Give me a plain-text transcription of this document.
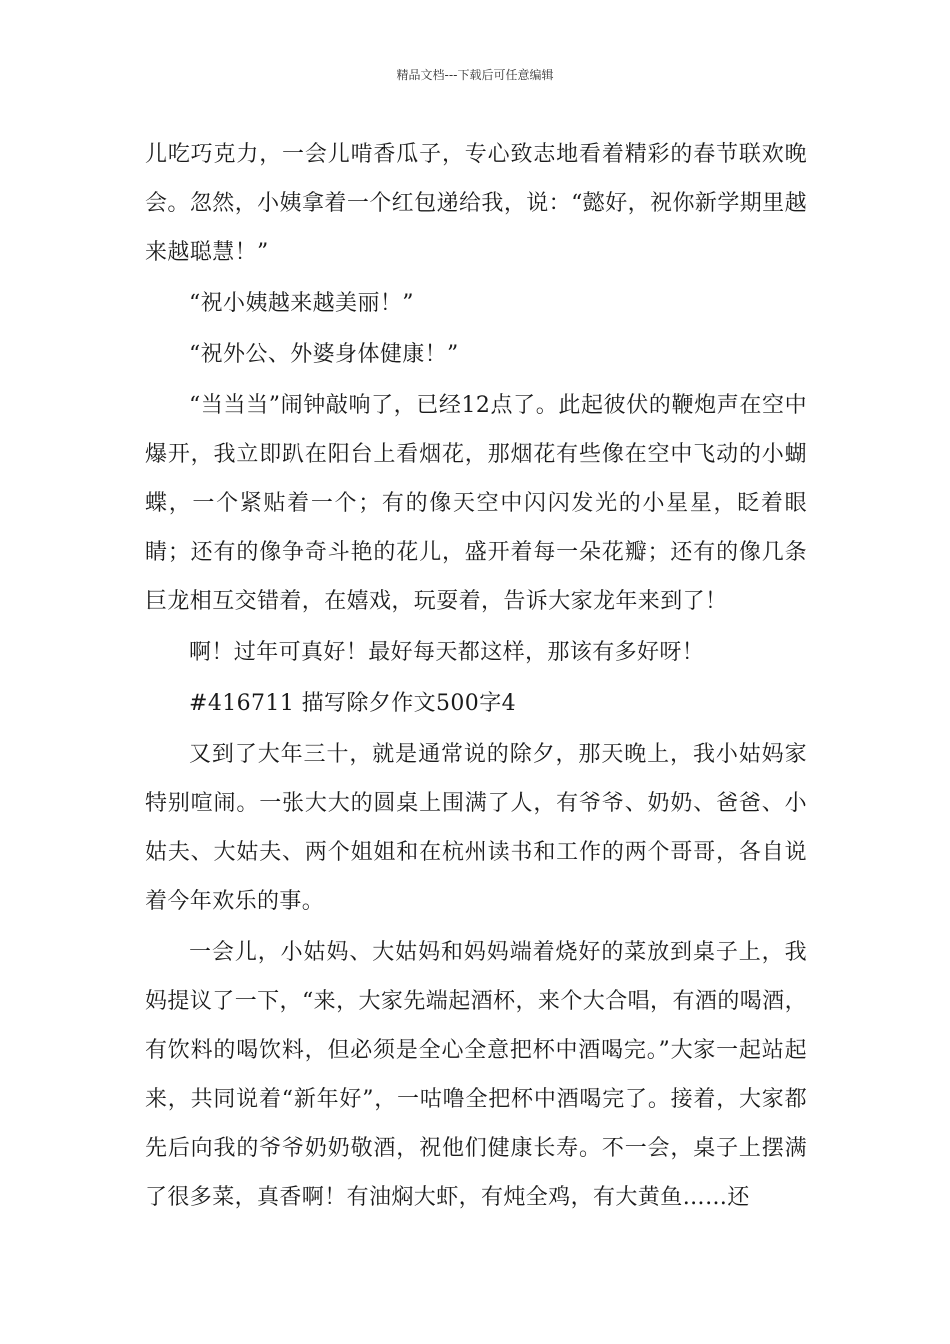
精品文档---下载后可任意编辑

儿吃巧克力，一会儿啃香瓜子，专心致志地看着精彩的春节联欢晚会。忽然，小姨拿着一个红包递给我，说：“懿好，祝你新学期里越来越聪慧！”

“祝小姨越来越美丽！”

“祝外公、外婆身体健康！”

“当当当”闹钟敲响了，已经12点了。此起彼伏的鞭炮声在空中爆开，我立即趴在阳台上看烟花，那烟花有些像在空中飞动的小蝴蝶，一个紧贴着一个；有的像天空中闪闪发光的小星星，眨着眼睛；还有的像争奇斗艳的花儿，盛开着每一朵花瓣；还有的像几条巨龙相互交错着，在嬉戏，玩耍着，告诉大家龙年来到了！

啊！过年可真好！最好每天都这样，那该有多好呀！

#416711 描写除夕作文500字4

又到了大年三十，就是通常说的除夕，那天晚上，我小姑妈家特别喧闹。一张大大的圆桌上围满了人，有爷爷、奶奶、爸爸、小姑夫、大姑夫、两个姐姐和在杭州读书和工作的两个哥哥，各自说着今年欢乐的事。

一会儿，小姑妈、大姑妈和妈妈端着烧好的菜放到桌子上，我妈提议了一下，“来，大家先端起酒杯，来个大合唱，有酒的喝酒，有饮料的喝饮料，但必须是全心全意把杯中酒喝完。”大家一起站起来，共同说着“新年好”，一咕噜全把杯中酒喝完了。接着，大家都先后向我的爷爷奶奶敬酒，祝他们健康长寿。不一会，桌子上摆满了很多菜，真香啊！有油焖大虾，有炖全鸡，有大黄鱼……还
